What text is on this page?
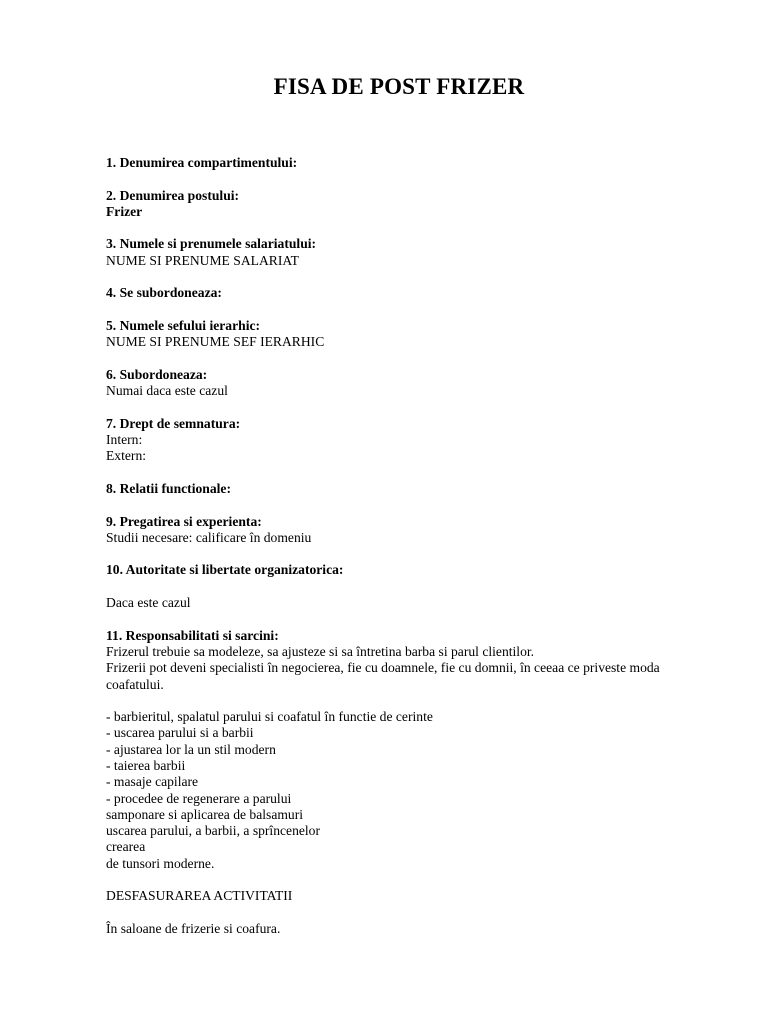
FISA DE POST FRIZER
1. Denumirea compartimentului:
2. Denumirea postului:
Frizer
3. Numele si prenumele salariatului:
NUME SI PRENUME SALARIAT
4. Se subordoneaza:
5. Numele sefului ierarhic:
NUME SI PRENUME SEF IERARHIC
6. Subordoneaza:
Numai daca este cazul
7. Drept de semnatura:
Intern:
Extern:
8. Relatii functionale:
9. Pregatirea si experienta:
Studii necesare: calificare în domeniu
10. Autoritate si libertate organizatorica:
Daca este cazul
11. Responsabilitati si sarcini:
Frizerul trebuie sa modeleze, sa ajusteze si sa întretina barba si parul clientilor.
Frizerii pot deveni specialisti în negocierea, fie cu doamnele, fie cu domnii, în ceeaa ce priveste moda coafatului.
- barbieritul, spalatul parului si coafatul în functie de cerinte
- uscarea parului si a barbii
- ajustarea lor la un stil modern
- taierea barbii
- masaje capilare
- procedee de regenerare a parului
samponare si aplicarea de balsamuri
uscarea parului, a barbii, a sprîncenelor
crearea
de tunsori moderne.
DESFASURAREA ACTIVITATII
În saloane de frizerie si coafura.
